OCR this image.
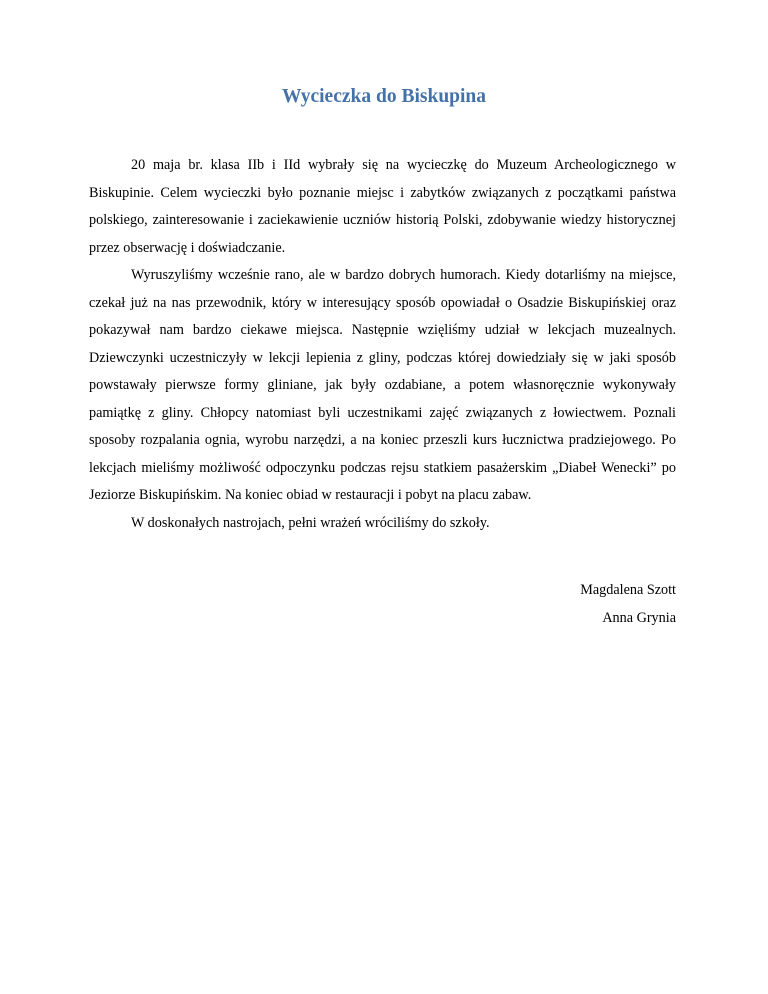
Wycieczka do Biskupina

20 maja br. klasa IIb i IId wybrały się na wycieczkę do Muzeum Archeologicznego w Biskupinie. Celem wycieczki było poznanie miejsc i zabytków związanych z początkami państwa polskiego, zainteresowanie i zaciekawienie uczniów historią Polski, zdobywanie wiedzy historycznej przez obserwację i doświadczanie.

Wyruszyliśmy wcześnie rano, ale w bardzo dobrych humorach. Kiedy dotarliśmy na miejsce, czekał już na nas przewodnik, który w interesujący sposób opowiadał o Osadzie Biskupińskiej oraz pokazywał nam bardzo ciekawe miejsca. Następnie wzięliśmy udział w lekcjach muzealnych. Dziewczynki uczestniczyły w lekcji lepienia z gliny, podczas której dowiedziały się w jaki sposób powstawały pierwsze formy gliniane, jak były ozdabiane, a potem własnoręcznie wykonywały pamiątkę z gliny. Chłopcy natomiast byli uczestnikami zajęć związanych z łowiectwem. Poznali sposoby rozpalania ognia, wyrobu narzędzi, a na koniec przeszli kurs łucznictwa pradziejowego. Po lekcjach mieliśmy możliwość odpoczynku podczas rejsu statkiem pasażerskim „Diabeł Wenecki” po Jeziorze Biskupińskim. Na koniec obiad w restauracji i pobyt na placu zabaw.

W doskonałych nastrojach, pełni wrażeń wróciliśmy do szkoły.

Magdalena Szott
Anna Grynia
